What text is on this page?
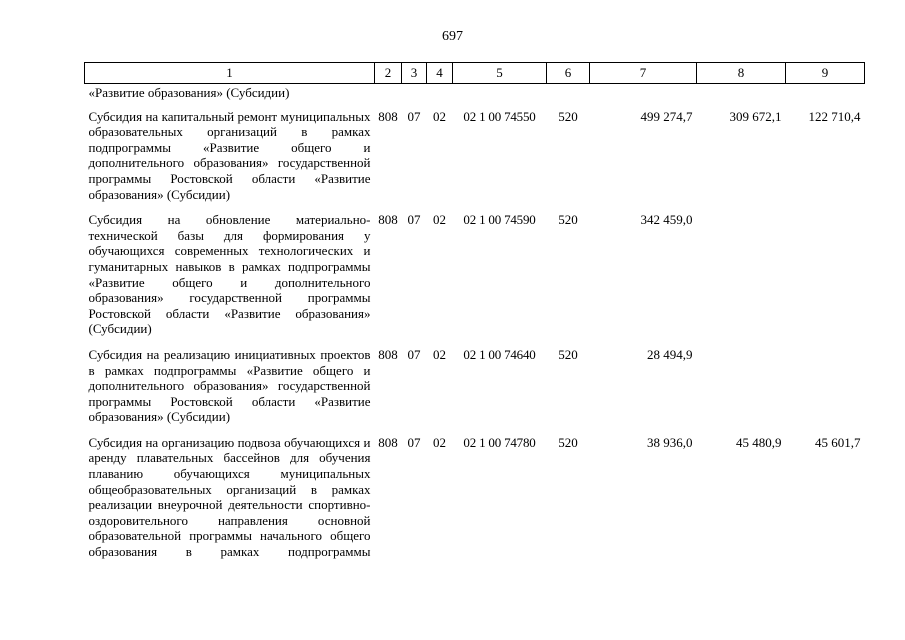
697
1	2	3	4	5	6	7	8	9
«Развитие образования» (Субсидии)								
Субсидия на капитальный ремонт муниципальных образовательных организаций в рамках подпрограммы «Развитие общего и дополнительного образования» государственной программы Ростовской области «Развитие образования» (Субсидии)	808	07	02	02 1 00 74550	520	499 274,7	309 672,1	122 710,4
Субсидия на обновление материально-технической базы для формирования у обучающихся современных технологических и гуманитарных навыков в рамках подпрограммы «Развитие общего и дополнительного образования» государственной программы Ростовской области «Развитие образования» (Субсидии)	808	07	02	02 1 00 74590	520	342 459,0		
Субсидия на реализацию инициативных проектов в рамках подпрограммы «Развитие общего и дополнительного образования» государственной программы Ростовской области «Развитие образования» (Субсидии)	808	07	02	02 1 00 74640	520	28 494,9		
Субсидия на организацию подвоза обучающихся и аренду плавательных бассейнов для обучения плаванию обучающихся муниципальных общеобразовательных организаций в рамках реализации внеурочной деятельности спортивно-оздоровительного направления основной образовательной программы начального общего образования в рамках подпрограммы	808	07	02	02 1 00 74780	520	38 936,0	45 480,9	45 601,7
